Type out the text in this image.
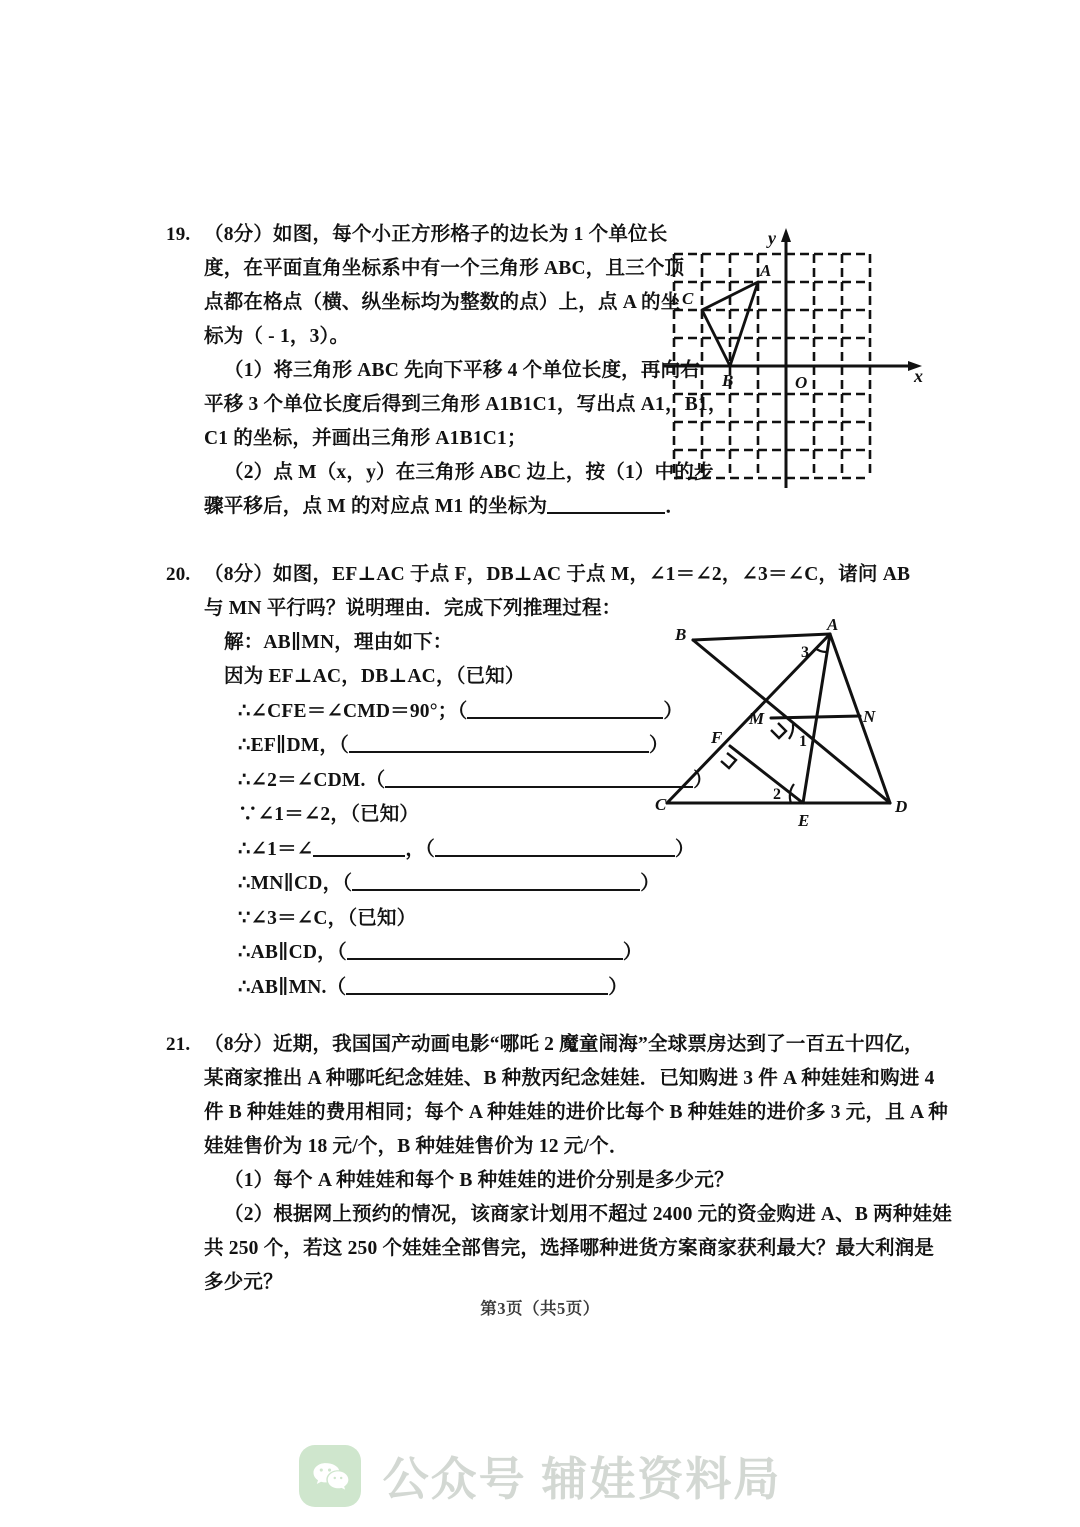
19. （8分）如图，每个小正方形格子的边长为 1 个单位长
度，在平面直角坐标系中有一个三角形 ABC，且三个顶
点都在格点（横、纵坐标均为整数的点）上，点 A 的坐
标为（ - 1，3）。
（1）将三角形 ABC 先向下平移 4 个单位长度，再向右
平移 3 个单位长度后得到三角形 A1B1C1，写出点 A1，B1，
C1 的坐标，并画出三角形 A1B1C1；
（2）点 M（x，y）在三角形 ABC 边上，按（1）中的步
骤平移后，点 M 的对应点 M1 的坐标为	．
y
x
O
A
C
B
20. （8分）如图，EF⊥AC 于点 F，DB⊥AC 于点 M，∠1＝∠2，∠3＝∠C，诸问 AB
与 MN 平行吗？说明理由．完成下列推理过程：
解：AB∥MN，理由如下：
因为 EF⊥AC，DB⊥AC，（已知）
∴∠CFE＝∠CMD＝90°；（	）
∴EF∥DM，（	）
∴∠2＝∠CDM.（	）
∵∠1＝∠2，（已知）
∴∠1＝∠	，（	）
∴MN∥CD，（	）
∵∠3＝∠C，（已知）
∴AB∥CD，（	）
∴AB∥MN.（	）
B
A
C	D
E
F
M	N
3
1
2
21. （8分）近期，我国国产动画电影“哪吒 2 魔童闹海”全球票房达到了一百五十四亿，
某商家推出 A 种哪吒纪念娃娃、B 种敖丙纪念娃娃．已知购进 3 件 A 种娃娃和购进 4
件 B 种娃娃的费用相同；每个 A 种娃娃的进价比每个 B 种娃娃的进价多 3 元，且 A 种
娃娃售价为 18 元/个，B 种娃娃售价为 12 元/个．
（1）每个 A 种娃娃和每个 B 种娃娃的进价分别是多少元？
（2）根据网上预约的情况，该商家计划用不超过 2400 元的资金购进 A、B 两种娃娃
共 250 个，若这 250 个娃娃全部售完，选择哪种进货方案商家获利最大？最大利润是
多少元？
第3页（共5页）
公众号 辅娃资料局
